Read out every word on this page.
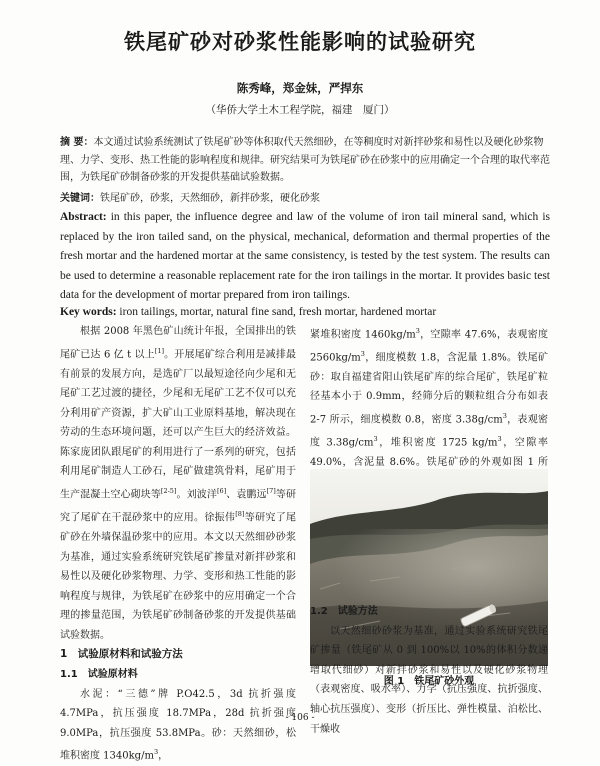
铁尾矿砂对砂浆性能影响的试验研究
陈秀峰，郑金妹，严捍东
（华侨大学土木工程学院，福建　厦门）
摘 要：本文通过试验系统测试了铁尾矿砂等体积取代天然细砂，在等稠度时对新拌砂浆和易性以及硬化砂浆物理、力学、变形、热工性能的影响程度和规律。研究结果可为铁尾矿砂在砂浆中的应用确定一个合理的取代率范围，为铁尾矿砂制备砂浆的开发提供基础试验数据。
关键词：铁尾矿砂，砂浆，天然细砂，新拌砂浆，硬化砂浆
Abstract: in this paper, the influence degree and law of the volume of iron tail mineral sand, which is replaced by the iron tailed sand, on the physical, mechanical, deformation and thermal properties of the fresh mortar and the hardened mortar at the same consistency, is tested by the test system. The results can be used to determine a reasonable replacement rate for the iron tailings in the mortar. It provides basic test data for the development of mortar prepared from iron tailings.
Key words: iron tailings, mortar, natural fine sand, fresh mortar, hardened mortar

根据 2008 年黑色矿山统计年报，全国排出的铁尾矿已达 6 亿 t 以上[1]。开展尾矿综合利用是减排最有前景的发展方向，是选矿厂以最短途径向少尾和无尾矿工艺过渡的捷径，少尾和无尾矿工艺不仅可以充分利用矿产资源，扩大矿山工业原料基地，解决现在劳动的生态环境问题，还可以产生巨大的经济效益。陈家庞团队跟尾矿的利用进行了一系列的研究，包括利用尾矿制造人工砂石，尾矿做建筑骨料，尾矿用于生产混凝土空心砌块等[2-5]。刘波洋[6]、袁鹏远[7]等研究了尾矿在干混砂浆中的应用。徐振伟[8]等研究了尾矿砂在外墙保温砂浆中的应用。本文以天然细砂砂浆为基准，通过实验系统研究铁尾矿掺量对新拌砂浆和易性以及硬化砂浆物理、力学、变形和热工性能的影响程度与规律，为铁尾矿在砂浆中的应用确定一个合理的掺量范围，为铁尾矿砂制备砂浆的开发提供基础试验数据。

1　试验原材料和试验方法

1.1　试验原材料

水泥：“三德”牌 P.O42.5，3d 抗折强度 4.7MPa，抗压强度 18.7MPa，28d 抗折强度 9.0MPa，抗压强度 53.8MPa。砂：天然细砂，松堆积密度 $1340kg/m^3$，

紧堆积密度 $1460kg/m^3$，空隙率 47.6%，表观密度 $2560kg/m^3$，细度模数 1.8，含泥量 1.8%。铁尾矿砂：取自福建省阳山铁尾矿库的综合尾矿，铁尾矿粒径基本小于 0.9mm，经筛分后的颗粒组合分布如表 2-7 所示，细度模数 0.8，密度 $3.38g/cm^3$，表观密度 $3.38g/cm^3$，堆积密度 1725 $kg/m^3$，空隙率 49.0%，含泥量 8.6%。铁尾矿砂的外观如图 1 所

图 1　铁尾矿砂外观

1.2　试验方法

以天然细砂砂浆为基准，通过实验系统研究铁尾矿掺量（铁尾矿从 0 到 100%以 10%的体积分数递增取代细砂）对新拌砂浆和易性以及硬化砂浆物理（表观密度、吸水率）、力学（抗压强度、抗折强度、轴心抗压强度）、变形（折压比、弹性模量、泊松比、干燥收

- 106 -
